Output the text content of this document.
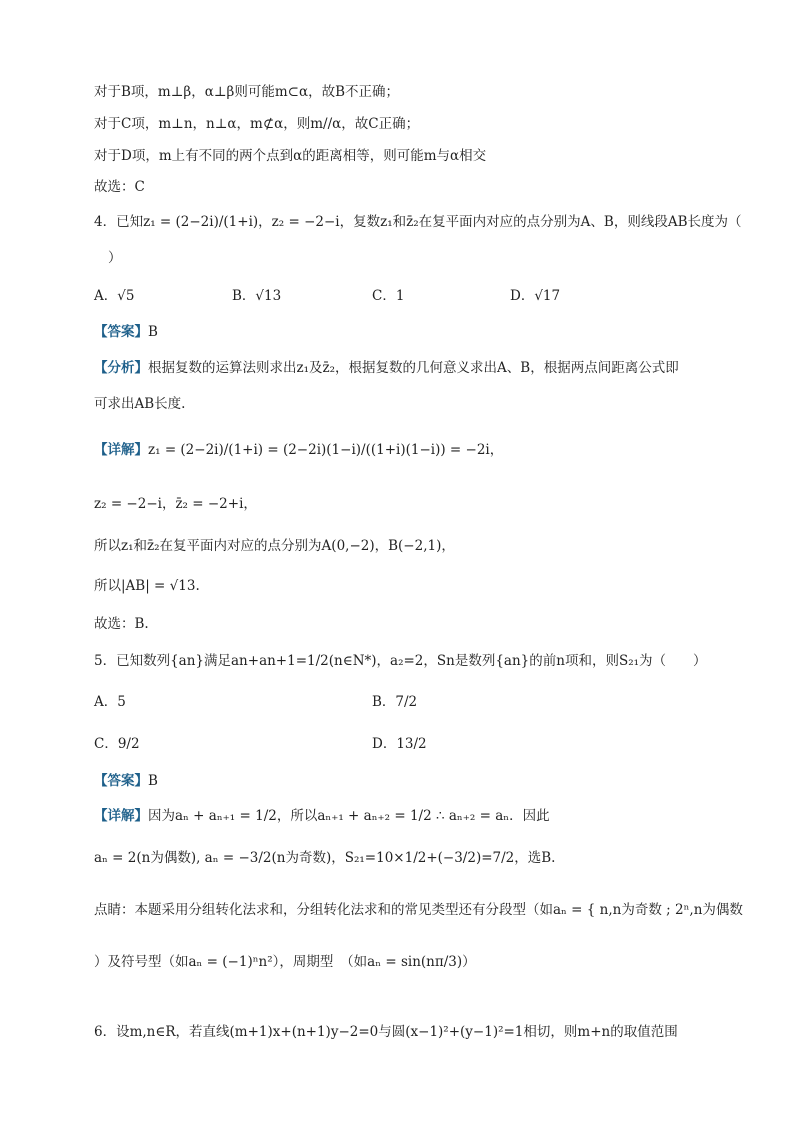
对于B项，m⊥β，α⊥β则可能m⊂α，故B不正确；
对于C项，m⊥n，n⊥α，m⊄α，则m//α，故C正确；
对于D项，m上有不同的两个点到α的距离相等，则可能m与α相交
故选：C
4．已知z₁ = (2−2i)/(1+i)，z₂ = −2−i，复数z₁和z̄₂在复平面内对应的点分别为A、B，则线段AB长度为（
）
A．√5	B．√13	C．1	D．√17
【答案】B
【分析】根据复数的运算法则求出z₁及z̄₂，根据复数的几何意义求出A、B，根据两点间距离公式即
可求出AB长度.
【详解】z₁ = (2−2i)/(1+i) = (2−2i)(1−i)/((1+i)(1−i)) = −2i，
z₂ = −2−i，z̄₂ = −2+i，
所以z₁和z̄₂在复平面内对应的点分别为A(0,−2)，B(−2,1)，
所以|AB| = √13.
故选：B.
5．已知数列{an}满足an+an+1=1/2(n∈N*)，a₂=2，Sn是数列{an}的前n项和，则S₂₁为（　　）
A．5	B．7/2
C．9/2	D．13/2
【答案】B
【详解】因为aₙ + aₙ₊₁ = 1/2，所以aₙ₊₁ + aₙ₊₂ = 1/2 ∴ aₙ₊₂ = aₙ．因此
aₙ = 2(n为偶数), aₙ = −3/2(n为奇数)，S₂₁=10×1/2+(−3/2)=7/2，选B.
点睛：本题采用分组转化法求和，分组转化法求和的常见类型还有分段型（如aₙ = { n,n为奇数 ; 2ⁿ,n为偶数
）及符号型（如aₙ = (−1)ⁿn²），周期型　（如aₙ = sin(nπ/3)）
6．设m,n∈R，若直线(m+1)x+(n+1)y−2=0与圆(x−1)²+(y−1)²=1相切，则m+n的取值范围
